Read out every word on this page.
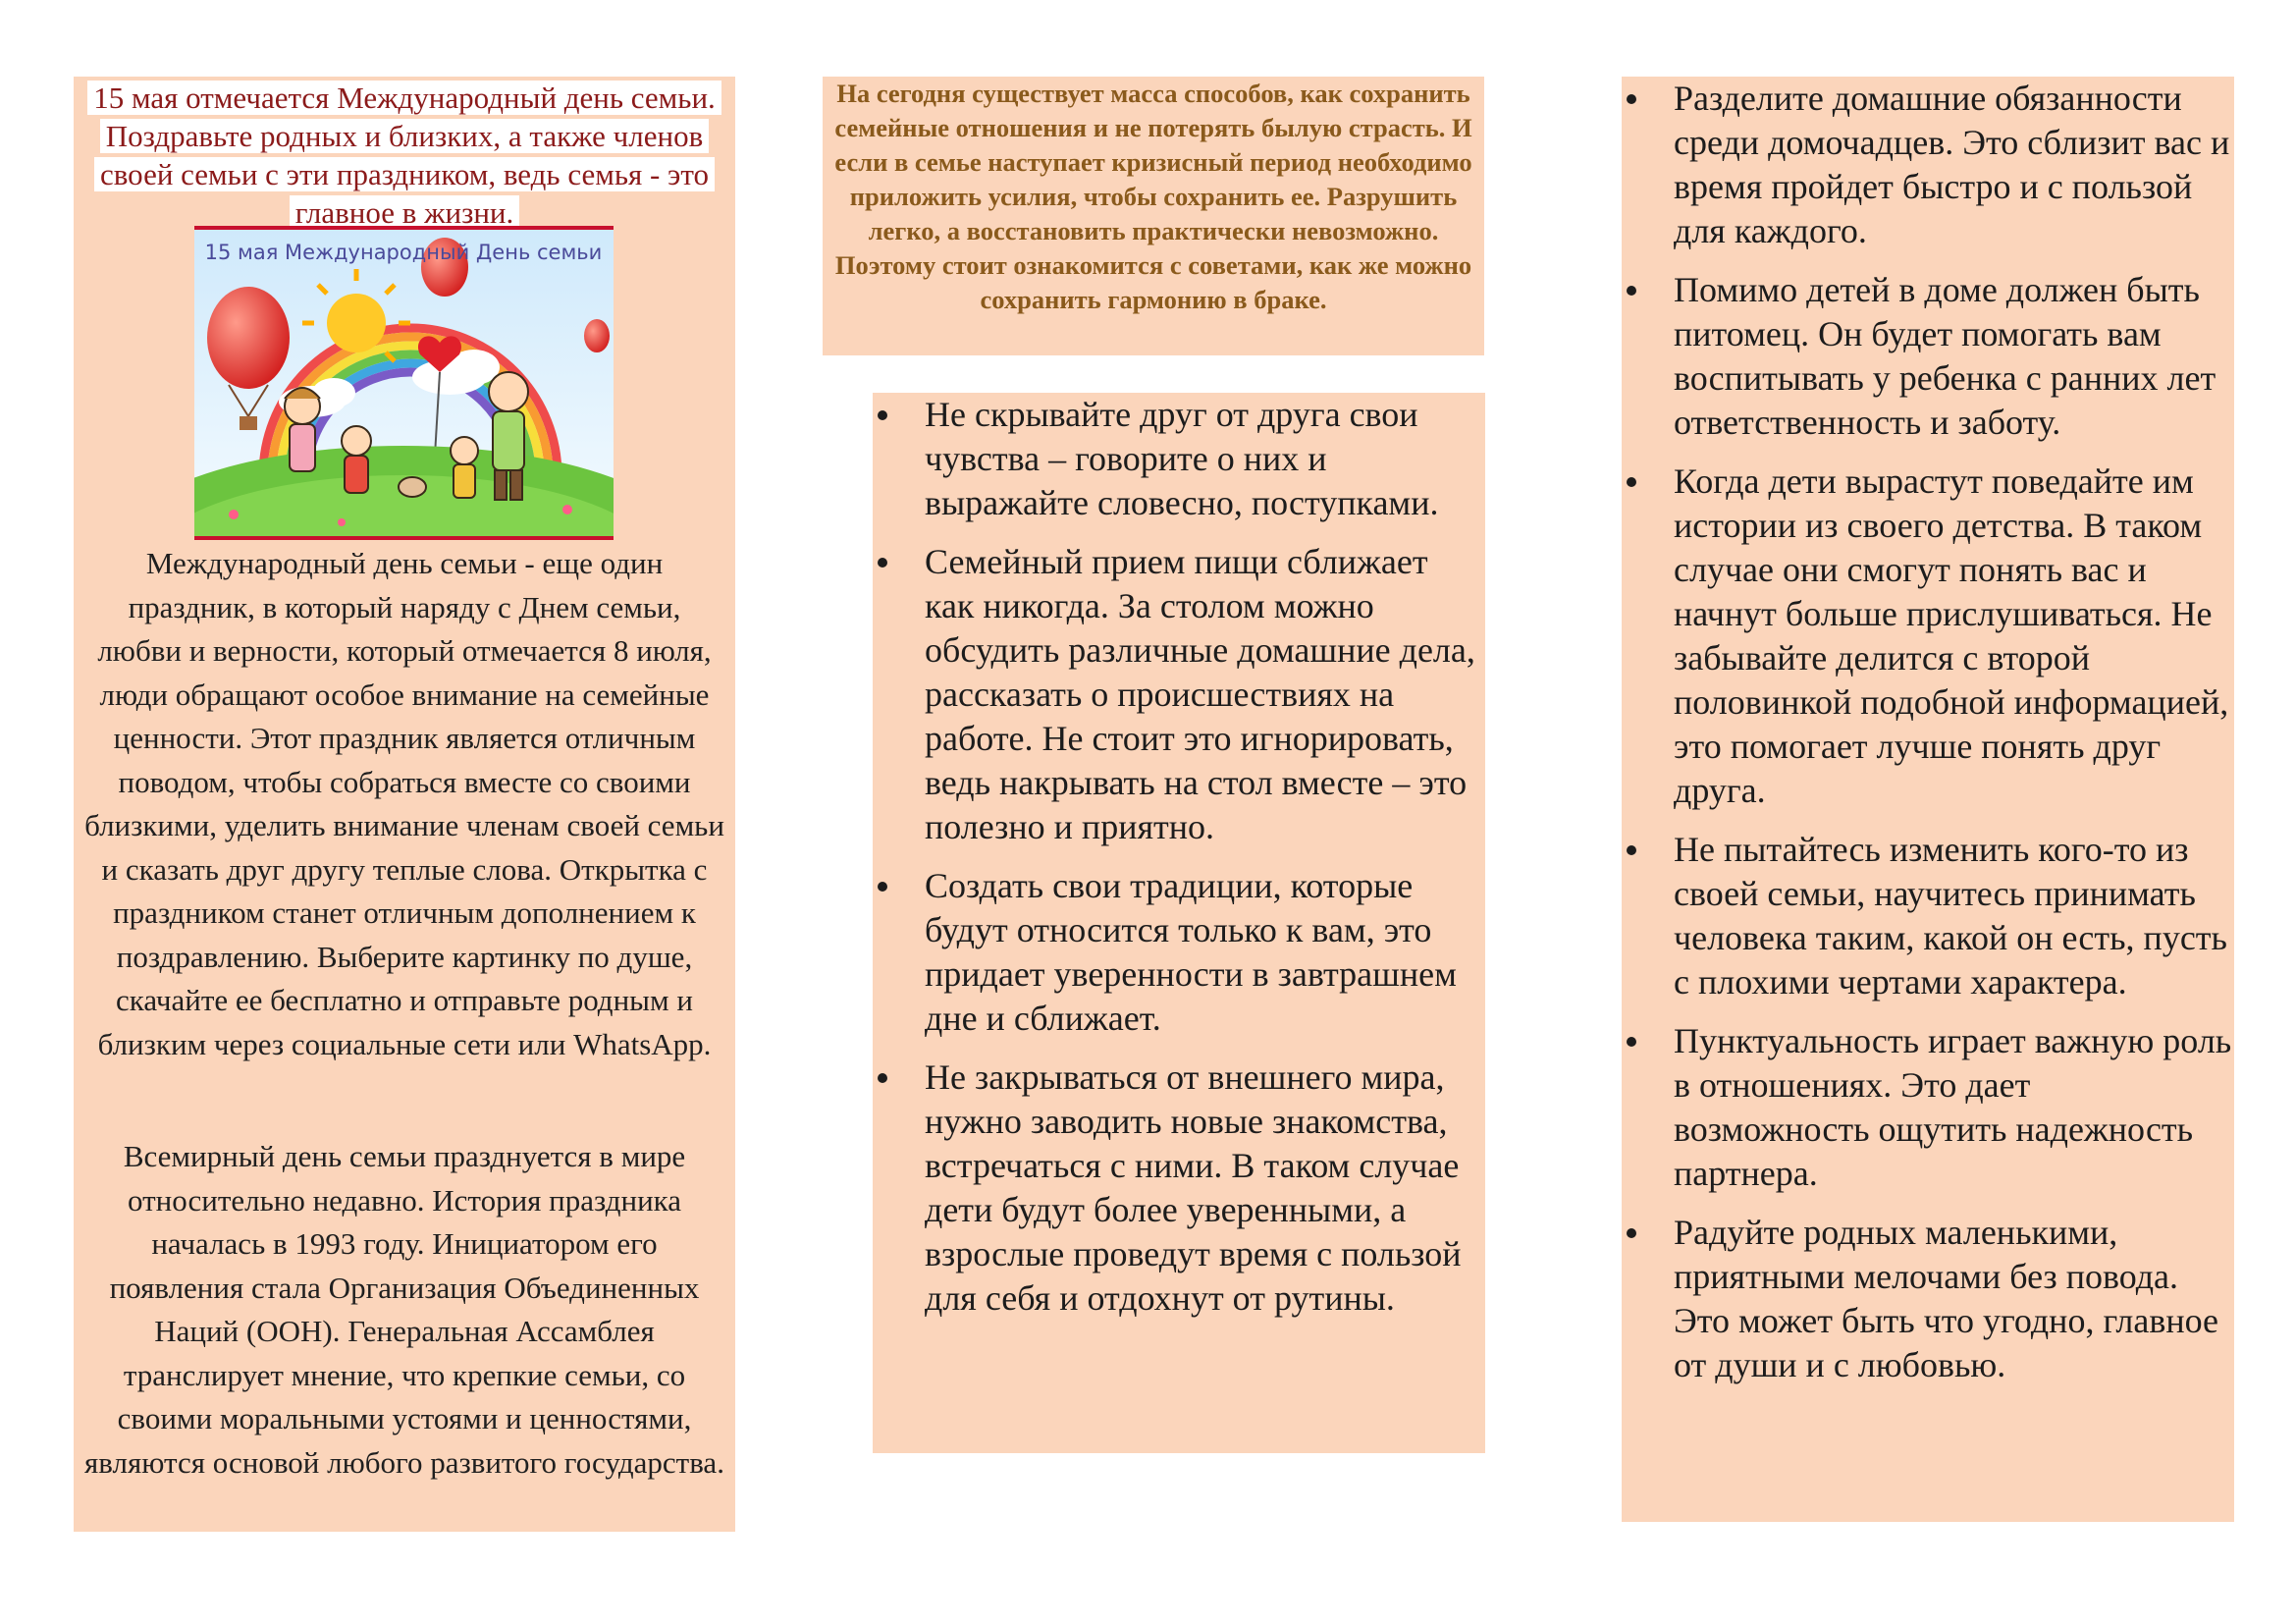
15 мая отмечается Международный день семьи. Поздравьте родных и близких, а также членов своей семьи с эти праздником, ведь семья - это главное в жизни.
15 мая Международный День семьи

Международный день семьи - еще один праздник, в который наряду с Днем семьи, любви и верности, который отмечается 8 июля, люди обращают особое внимание на семейные ценности. Этот праздник является отличным поводом, чтобы собраться вместе со своими близкими, уделить внимание членам своей семьи и сказать друг другу теплые слова. Открытка с праздником станет отличным дополнением к поздравлению. Выберите картинку по душе, скачайте ее бесплатно и отправьте родным и близким через социальные сети или WhatsApp.

Всемирный день семьи празднуется в мире относительно недавно. История праздника началась в 1993 году. Инициатором его появления стала Организация Объединенных Наций (ООН). Генеральная Ассамблея транслирует мнение, что крепкие семьи, со своими моральными устоями и ценностями, являются основой любого развитого государства.

На сегодня существует масса способов, как сохранить семейные отношения и не потерять былую страсть. И если в семье наступает кризисный период необходимо приложить усилия, чтобы сохранить ее. Разрушить легко, а восстановить практически невозможно. Поэтому стоит ознакомится с советами, как же можно сохранить гармонию в браке.

Не скрывайте друг от друга свои чувства – говорите о них и выражайте словесно, поступками.
Семейный прием пищи сближает как никогда. За столом можно обсудить различные домашние дела, рассказать о происшествиях на работе. Не стоит это игнорировать, ведь накрывать на стол вместе – это полезно и приятно.
Создать свои традиции, которые будут относится только к вам, это придает уверенности в завтрашнем дне и сближает.
Не закрываться от внешнего мира, нужно заводить новые знакомства, встречаться с ними. В таком случае дети будут более уверенными, а взрослые проведут время с пользой для себя и отдохнут от рутины.
Разделите домашние обязанности среди домочадцев. Это сблизит вас и время пройдет быстро и с пользой для каждого.
Помимо детей в доме должен быть питомец. Он будет помогать вам воспитывать у ребенка с ранних лет ответственность и заботу.
Когда дети вырастут поведайте им истории из своего детства. В таком случае они смогут понять вас и начнут больше прислушиваться. Не забывайте делится с второй половинкой подобной информацией, это помогает лучше понять друг друга.
Не пытайтесь изменить кого-то из своей семьи, научитесь принимать человека таким, какой он есть, пусть с плохими чертами характера.
Пунктуальность играет важную роль в отношениях. Это дает возможность ощутить надежность партнера.
Радуйте родных маленькими, приятными мелочами без повода. Это может быть что угодно, главное от души и с любовью.
